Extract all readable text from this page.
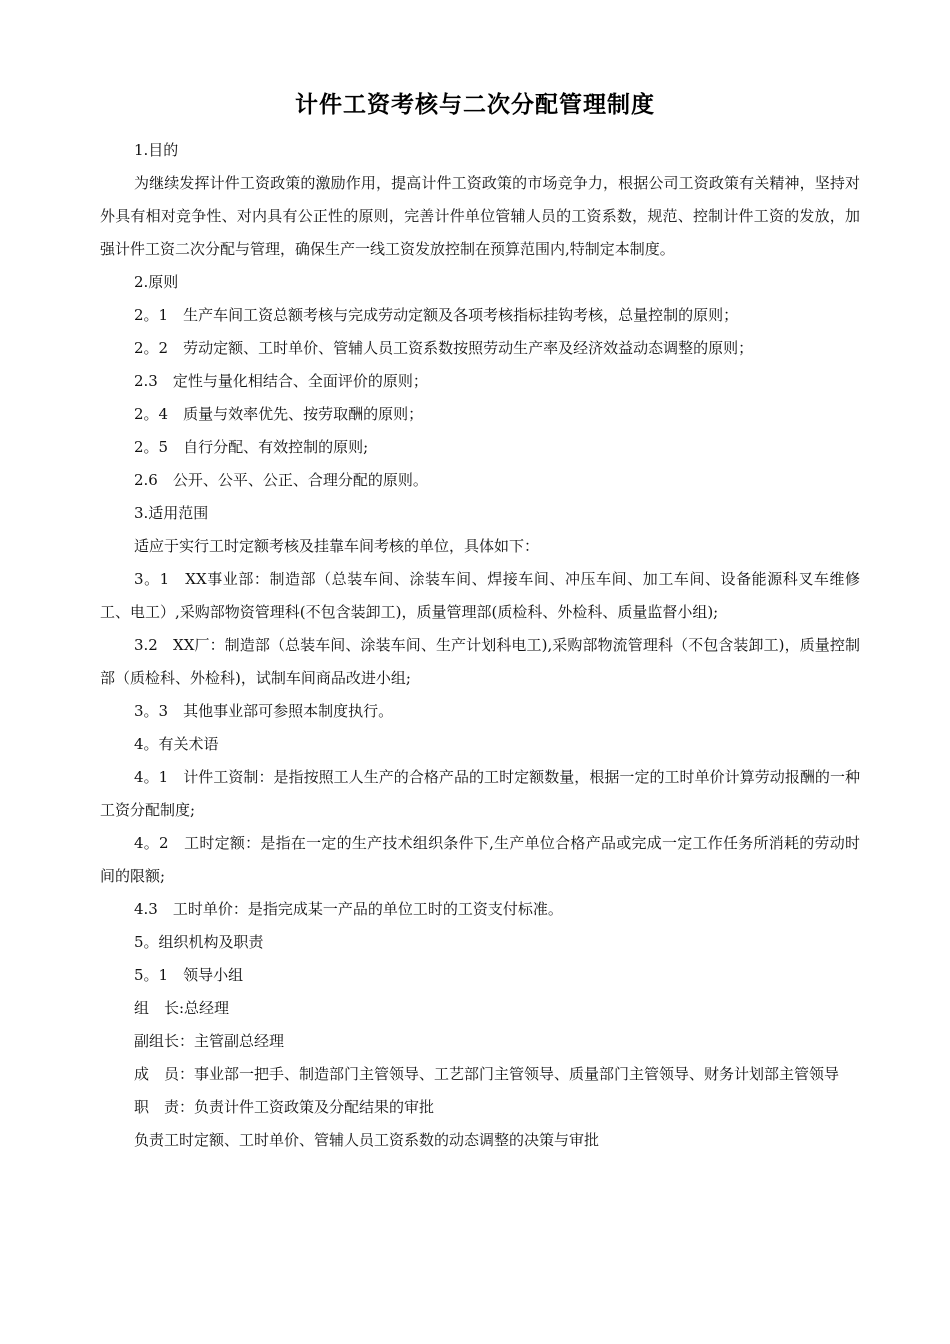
计件工资考核与二次分配管理制度

1.目的

为继续发挥计件工资政策的激励作用，提高计件工资政策的市场竞争力，根据公司工资政策有关精神，坚持对外具有相对竞争性、对内具有公正性的原则，完善计件单位管辅人员的工资系数，规范、控制计件工资的发放，加强计件工资二次分配与管理，确保生产一线工资发放控制在预算范围内,特制定本制度。

2.原则

2。1　生产车间工资总额考核与完成劳动定额及各项考核指标挂钩考核，总量控制的原则；

2。2　劳动定额、工时单价、管辅人员工资系数按照劳动生产率及经济效益动态调整的原则；

2.3　定性与量化相结合、全面评价的原则；

2。4　质量与效率优先、按劳取酬的原则；

2。5　自行分配、有效控制的原则;

2.6　公开、公平、公正、合理分配的原则。

3.适用范围

适应于实行工时定额考核及挂靠车间考核的单位，具体如下：

3。1　XX事业部：制造部（总装车间、涂装车间、焊接车间、冲压车间、加工车间、设备能源科叉车维修工、电工）,采购部物资管理科(不包含装卸工)，质量管理部(质检科、外检科、质量监督小组);

3.2　XX厂：制造部（总装车间、涂装车间、生产计划科电工),采购部物流管理科（不包含装卸工)，质量控制部（质检科、外检科)，试制车间商品改进小组;

3。3　其他事业部可参照本制度执行。

4。有关术语

4。1　计件工资制：是指按照工人生产的合格产品的工时定额数量，根据一定的工时单价计算劳动报酬的一种工资分配制度;

4。2　工时定额：是指在一定的生产技术组织条件下,生产单位合格产品或完成一定工作任务所消耗的劳动时间的限额;

4.3　工时单价：是指完成某一产品的单位工时的工资支付标准。

5。组织机构及职责

5。1　领导小组

组　长:总经理

副组长：主管副总经理

成　员：事业部一把手、制造部门主管领导、工艺部门主管领导、质量部门主管领导、财务计划部主管领导

职　责：负责计件工资政策及分配结果的审批

负责工时定额、工时单价、管辅人员工资系数的动态调整的决策与审批
